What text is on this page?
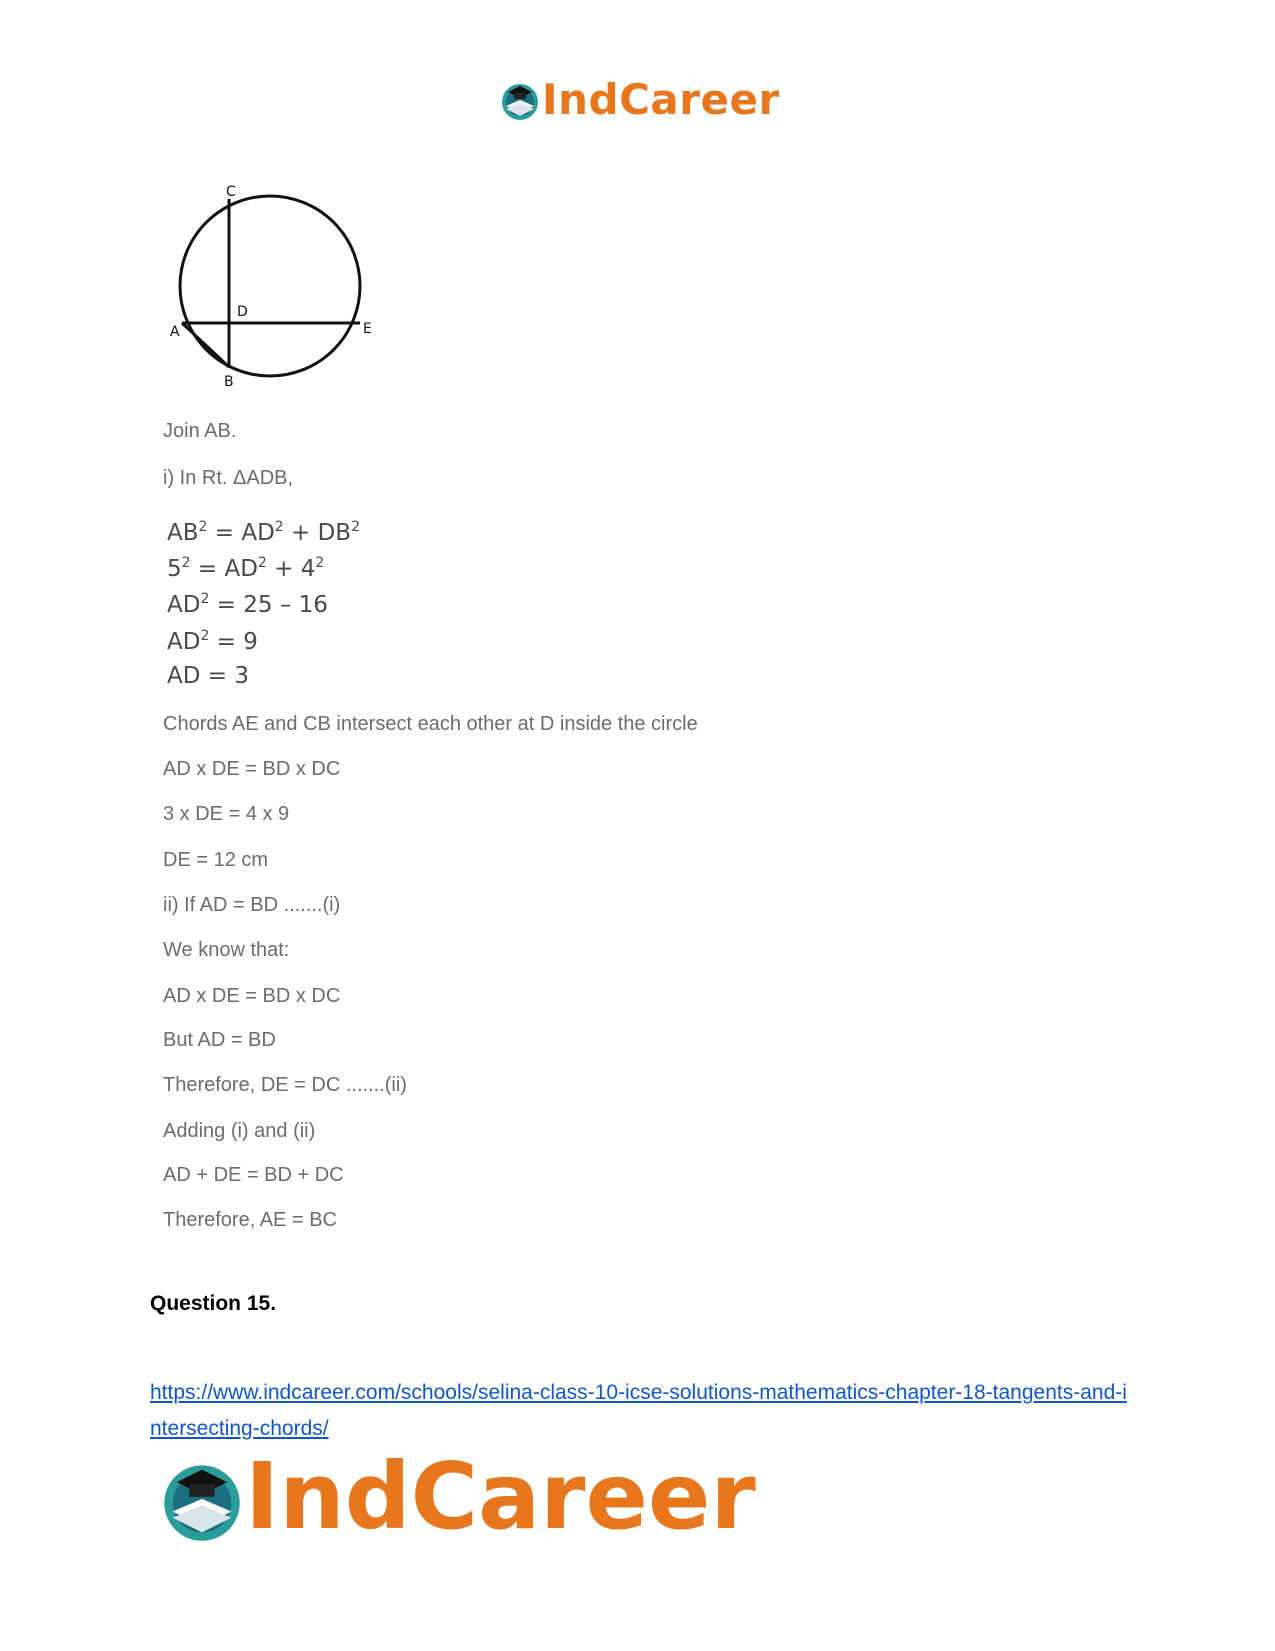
IndCareer
C
D
A	E
B
Join AB.
i) In Rt. ΔADB,
$AB^2 = AD^2 + DB^2$
$5^2 = AD^2 + 4^2$
$AD^2 = 25 - 16$
$AD^2 = 9$
AD = 3
Chords AE and CB intersect each other at D inside the circle
AD x DE = BD x DC
3 x DE = 4 x 9
DE = 12 cm
ii) If AD = BD .......(i)
We know that:
AD x DE = BD x DC
But AD = BD
Therefore, DE = DC .......(ii)
Adding (i) and (ii)
AD + DE = BD + DC
Therefore, AE = BC
Question 15.
https://www.indcareer.com/schools/selina-class-10-icse-solutions-mathematics-chapter-18-tangents-and-intersecting-chords/
IndCareer
